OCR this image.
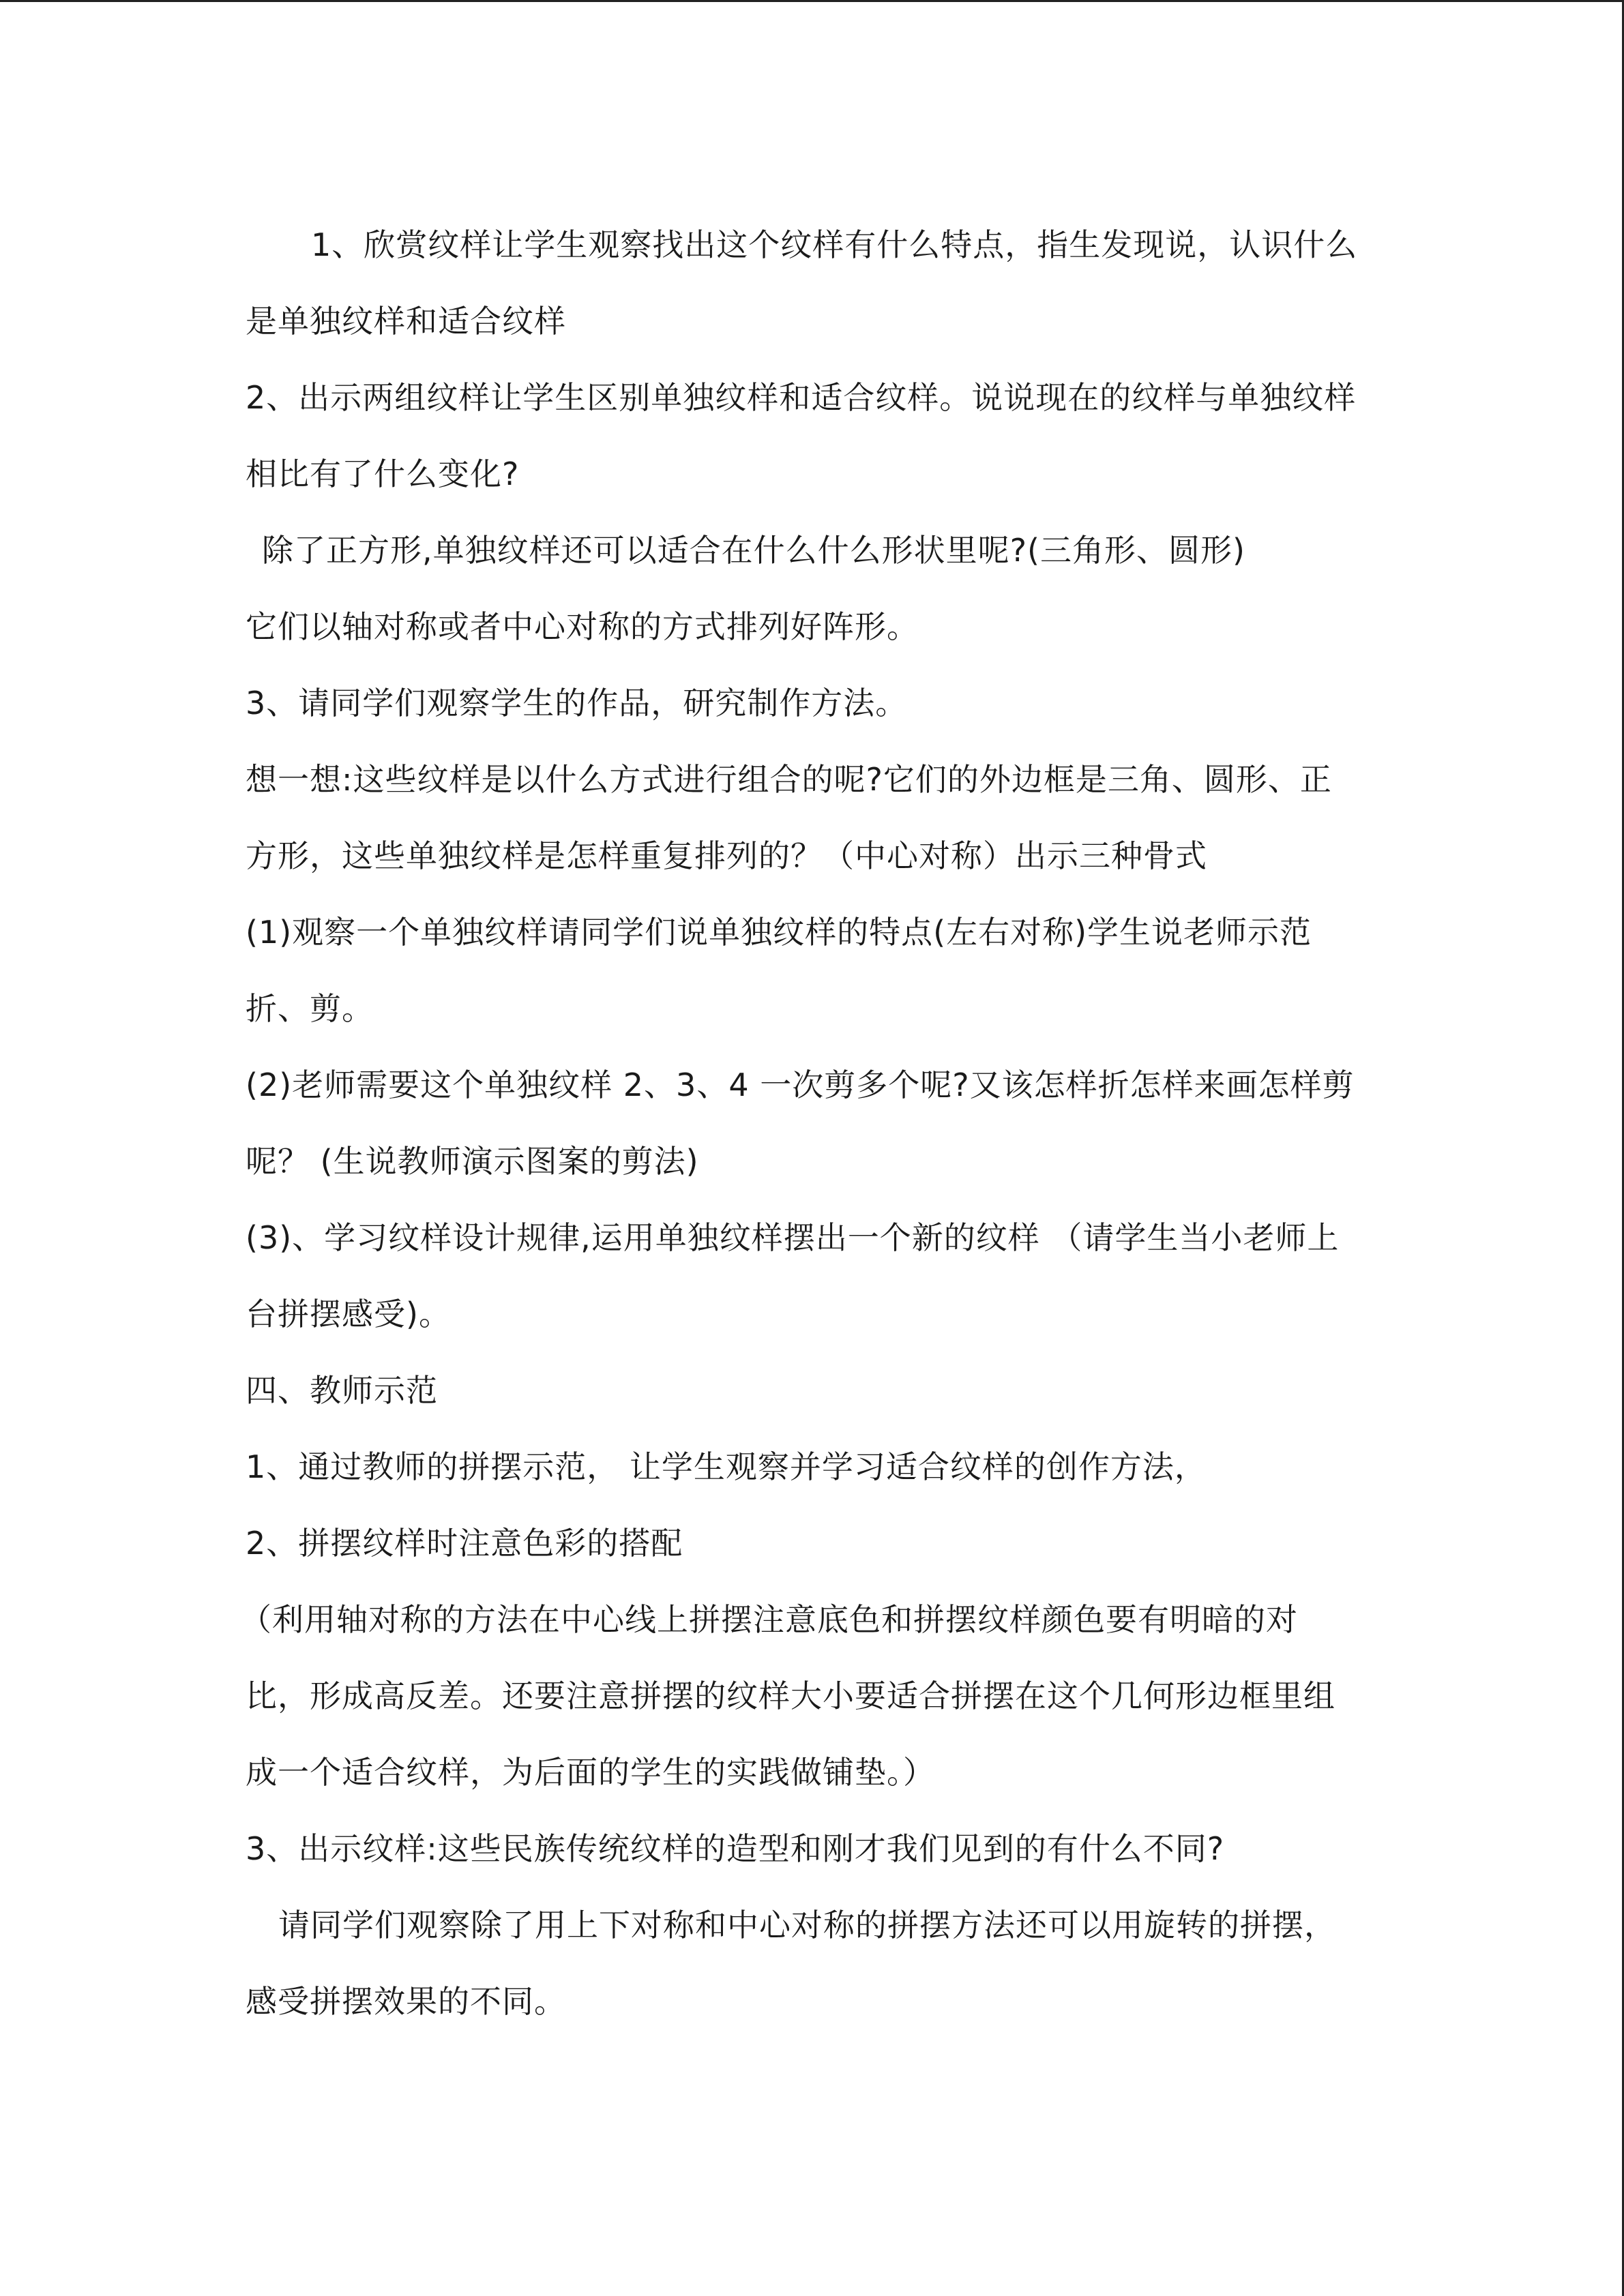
1、欣赏纹样让学生观察找出这个纹样有什么特点，指生发现说，认识什么
是单独纹样和适合纹样
2、出示两组纹样让学生区别单独纹样和适合纹样。说说现在的纹样与单独纹样
相比有了什么变化?
除了正方形,单独纹样还可以适合在什么什么形状里呢?(三角形、圆形)
它们以轴对称或者中心对称的方式排列好阵形。
3、请同学们观察学生的作品，研究制作方法。
想一想:这些纹样是以什么方式进行组合的呢?它们的外边框是三角、圆形、正
方形，这些单独纹样是怎样重复排列的？（中心对称）出示三种骨式
(1)观察一个单独纹样请同学们说单独纹样的特点(左右对称)学生说老师示范
折、剪。
(2)老师需要这个单独纹样 2、3、4 一次剪多个呢?又该怎样折怎样来画怎样剪
呢？ (生说教师演示图案的剪法)
(3)、学习纹样设计规律,运用单独纹样摆出一个新的纹样 （请学生当小老师上
台拼摆感受)。
四、教师示范
1、通过教师的拼摆示范， 让学生观察并学习适合纹样的创作方法，
2、拼摆纹样时注意色彩的搭配
（利用轴对称的方法在中心线上拼摆注意底色和拼摆纹样颜色要有明暗的对
比，形成高反差。还要注意拼摆的纹样大小要适合拼摆在这个几何形边框里组
成一个适合纹样，为后面的学生的实践做铺垫。）
3、出示纹样:这些民族传统纹样的造型和刚才我们见到的有什么不同?
请同学们观察除了用上下对称和中心对称的拼摆方法还可以用旋转的拼摆，
感受拼摆效果的不同。
